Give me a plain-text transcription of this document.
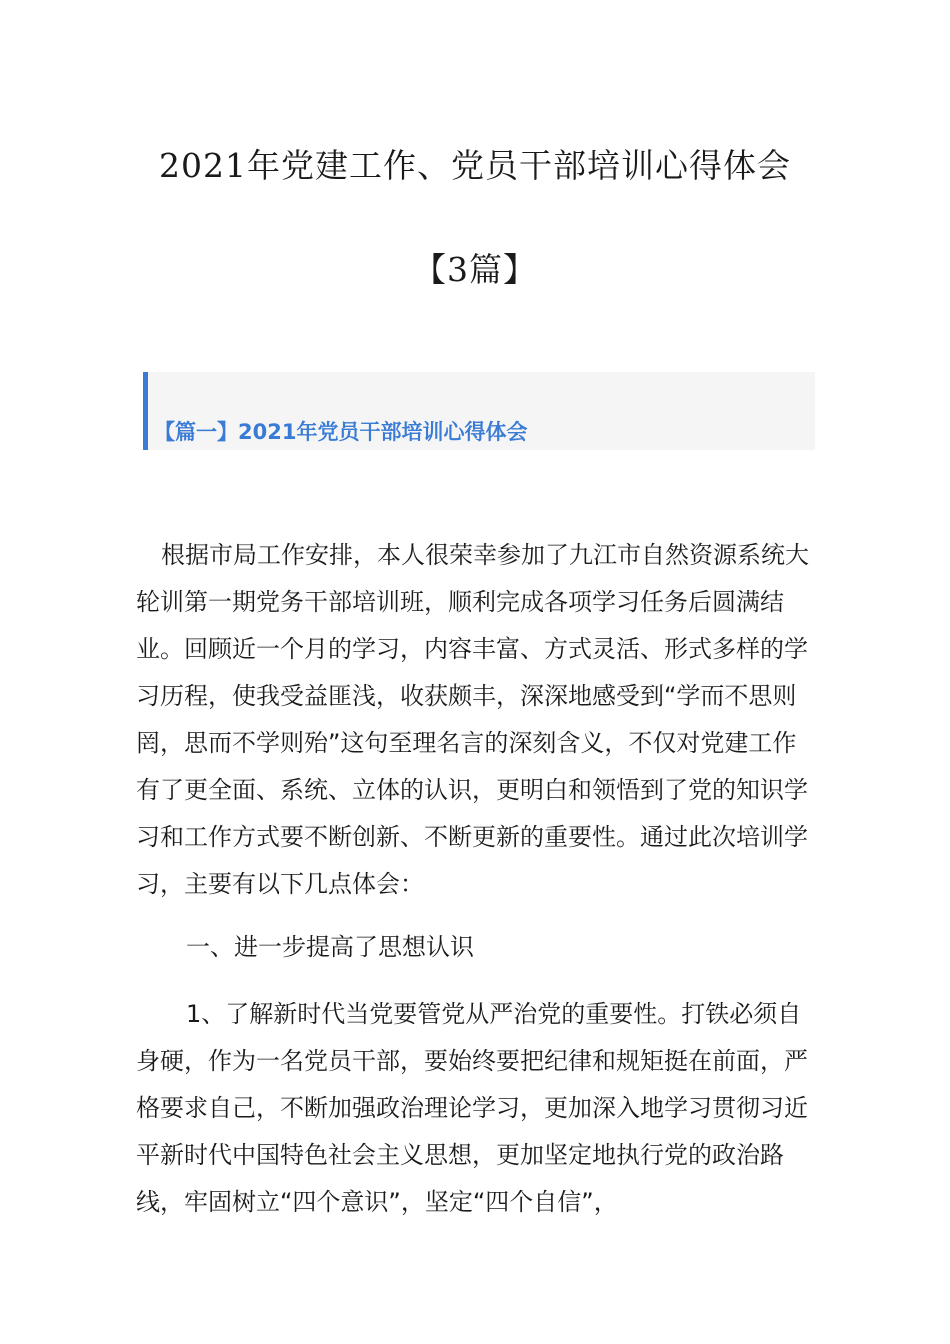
2021年党建工作、党员干部培训心得体会
【3篇】
【篇一】2021年党员干部培训心得体会

根据市局工作安排，本人很荣幸参加了九江市自然资源系统大轮训第一期党务干部培训班，顺利完成各项学习任务后圆满结业。回顾近一个月的学习，内容丰富、方式灵活、形式多样的学习历程，使我受益匪浅，收获颇丰，深深地感受到“学而不思则罔，思而不学则殆”这句至理名言的深刻含义，不仅对党建工作有了更全面、系统、立体的认识，更明白和领悟到了党的知识学习和工作方式要不断创新、不断更新的重要性。通过此次培训学习，主要有以下几点体会：

一、进一步提高了思想认识

1、了解新时代当党要管党从严治党的重要性。打铁必须自身硬，作为一名党员干部，要始终要把纪律和规矩挺在前面，严格要求自己，不断加强政治理论学习，更加深入地学习贯彻习近平新时代中国特色社会主义思想，更加坚定地执行党的政治路线，牢固树立“四个意识”，坚定“四个自信”，
